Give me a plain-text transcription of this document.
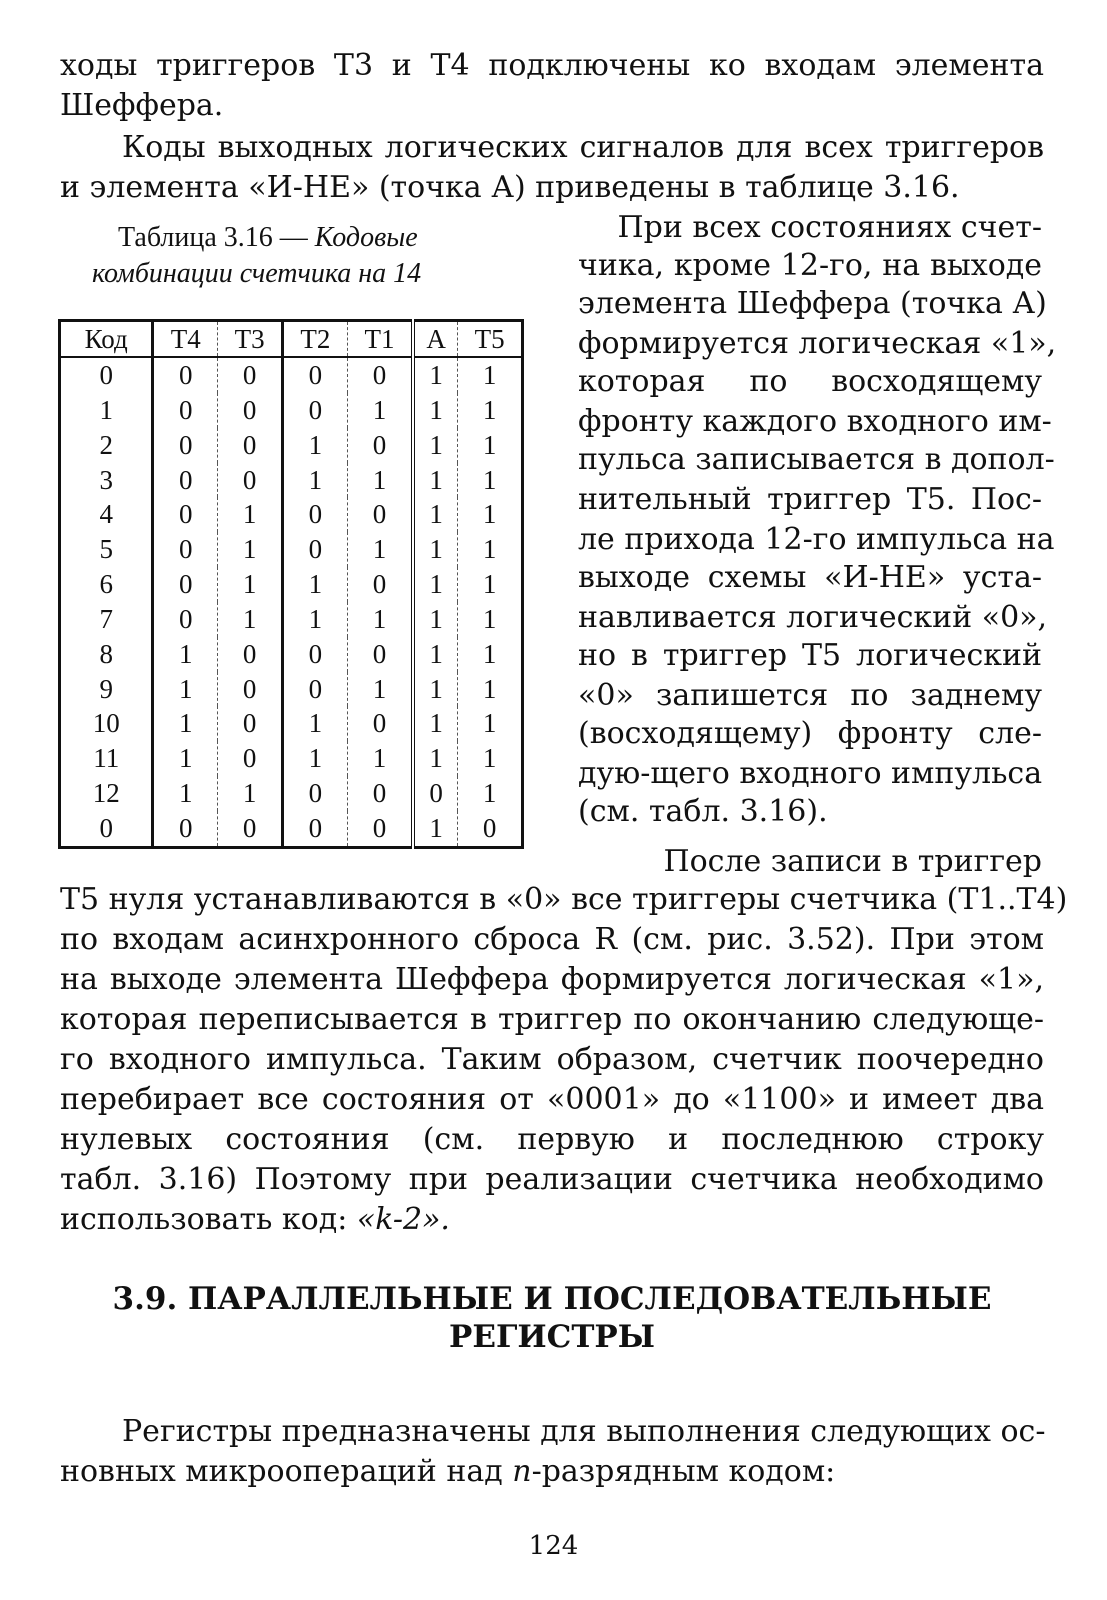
ходы триггеров Т3 и Т4 подключены ко входам элемента
Шеффера.
Коды выходных логических сигналов для всех триггеров
и элемента «И-НЕ» (точка А) приведены в таблице 3.16.
Таблица 3.16 — Кодовые
комбинации счетчика на 14
Код	Т4	Т3	Т2	Т1	А	Т5
0	0	0	0	0	1	1
1	0	0	0	1	1	1
2	0	0	1	0	1	1
3	0	0	1	1	1	1
4	0	1	0	0	1	1
5	0	1	0	1	1	1
6	0	1	1	0	1	1
7	0	1	1	1	1	1
8	1	0	0	0	1	1
9	1	0	0	1	1	1
10	1	0	1	0	1	1
11	1	0	1	1	1	1
12	1	1	0	0	0	1
0	0	0	0	0	1	0
При всех состояниях счет-
чика, кроме 12-го, на выходе
элемента Шеффера (точка А)
формируется логическая «1»,
которая по восходящему
фронту каждого входного им-
пульса записывается в допол-
нительный триггер Т5. Пос-
ле прихода 12-го импульса на
выходе схемы «И-НЕ» уста-
навливается логический «0»,
но в триггер Т5 логический
«0» запишется по заднему
(восходящему) фронту сле-
дую-щего входного импульса
(см. табл. 3.16).
После записи в триггер
Т5 нуля устанавливаются в «0» все триггеры счетчика (Т1..Т4)
по входам асинхронного сброса R (см. рис. 3.52). При этом
на выходе элемента Шеффера формируется логическая «1»,
которая переписывается в триггер по окончанию следующе-
го входного импульса. Таким образом, счетчик поочередно
перебирает все состояния от «0001» до «1100» и имеет два
нулевых состояния (см. первую и последнюю строку
табл. 3.16) Поэтому при реализации счетчика необходимо
использовать код: «k-2».
3.9. ПАРАЛЛЕЛЬНЫЕ И ПОСЛЕДОВАТЕЛЬНЫЕ
РЕГИСТРЫ
Регистры предназначены для выполнения следующих ос-
новных микроопераций над n-разрядным кодом:
124
